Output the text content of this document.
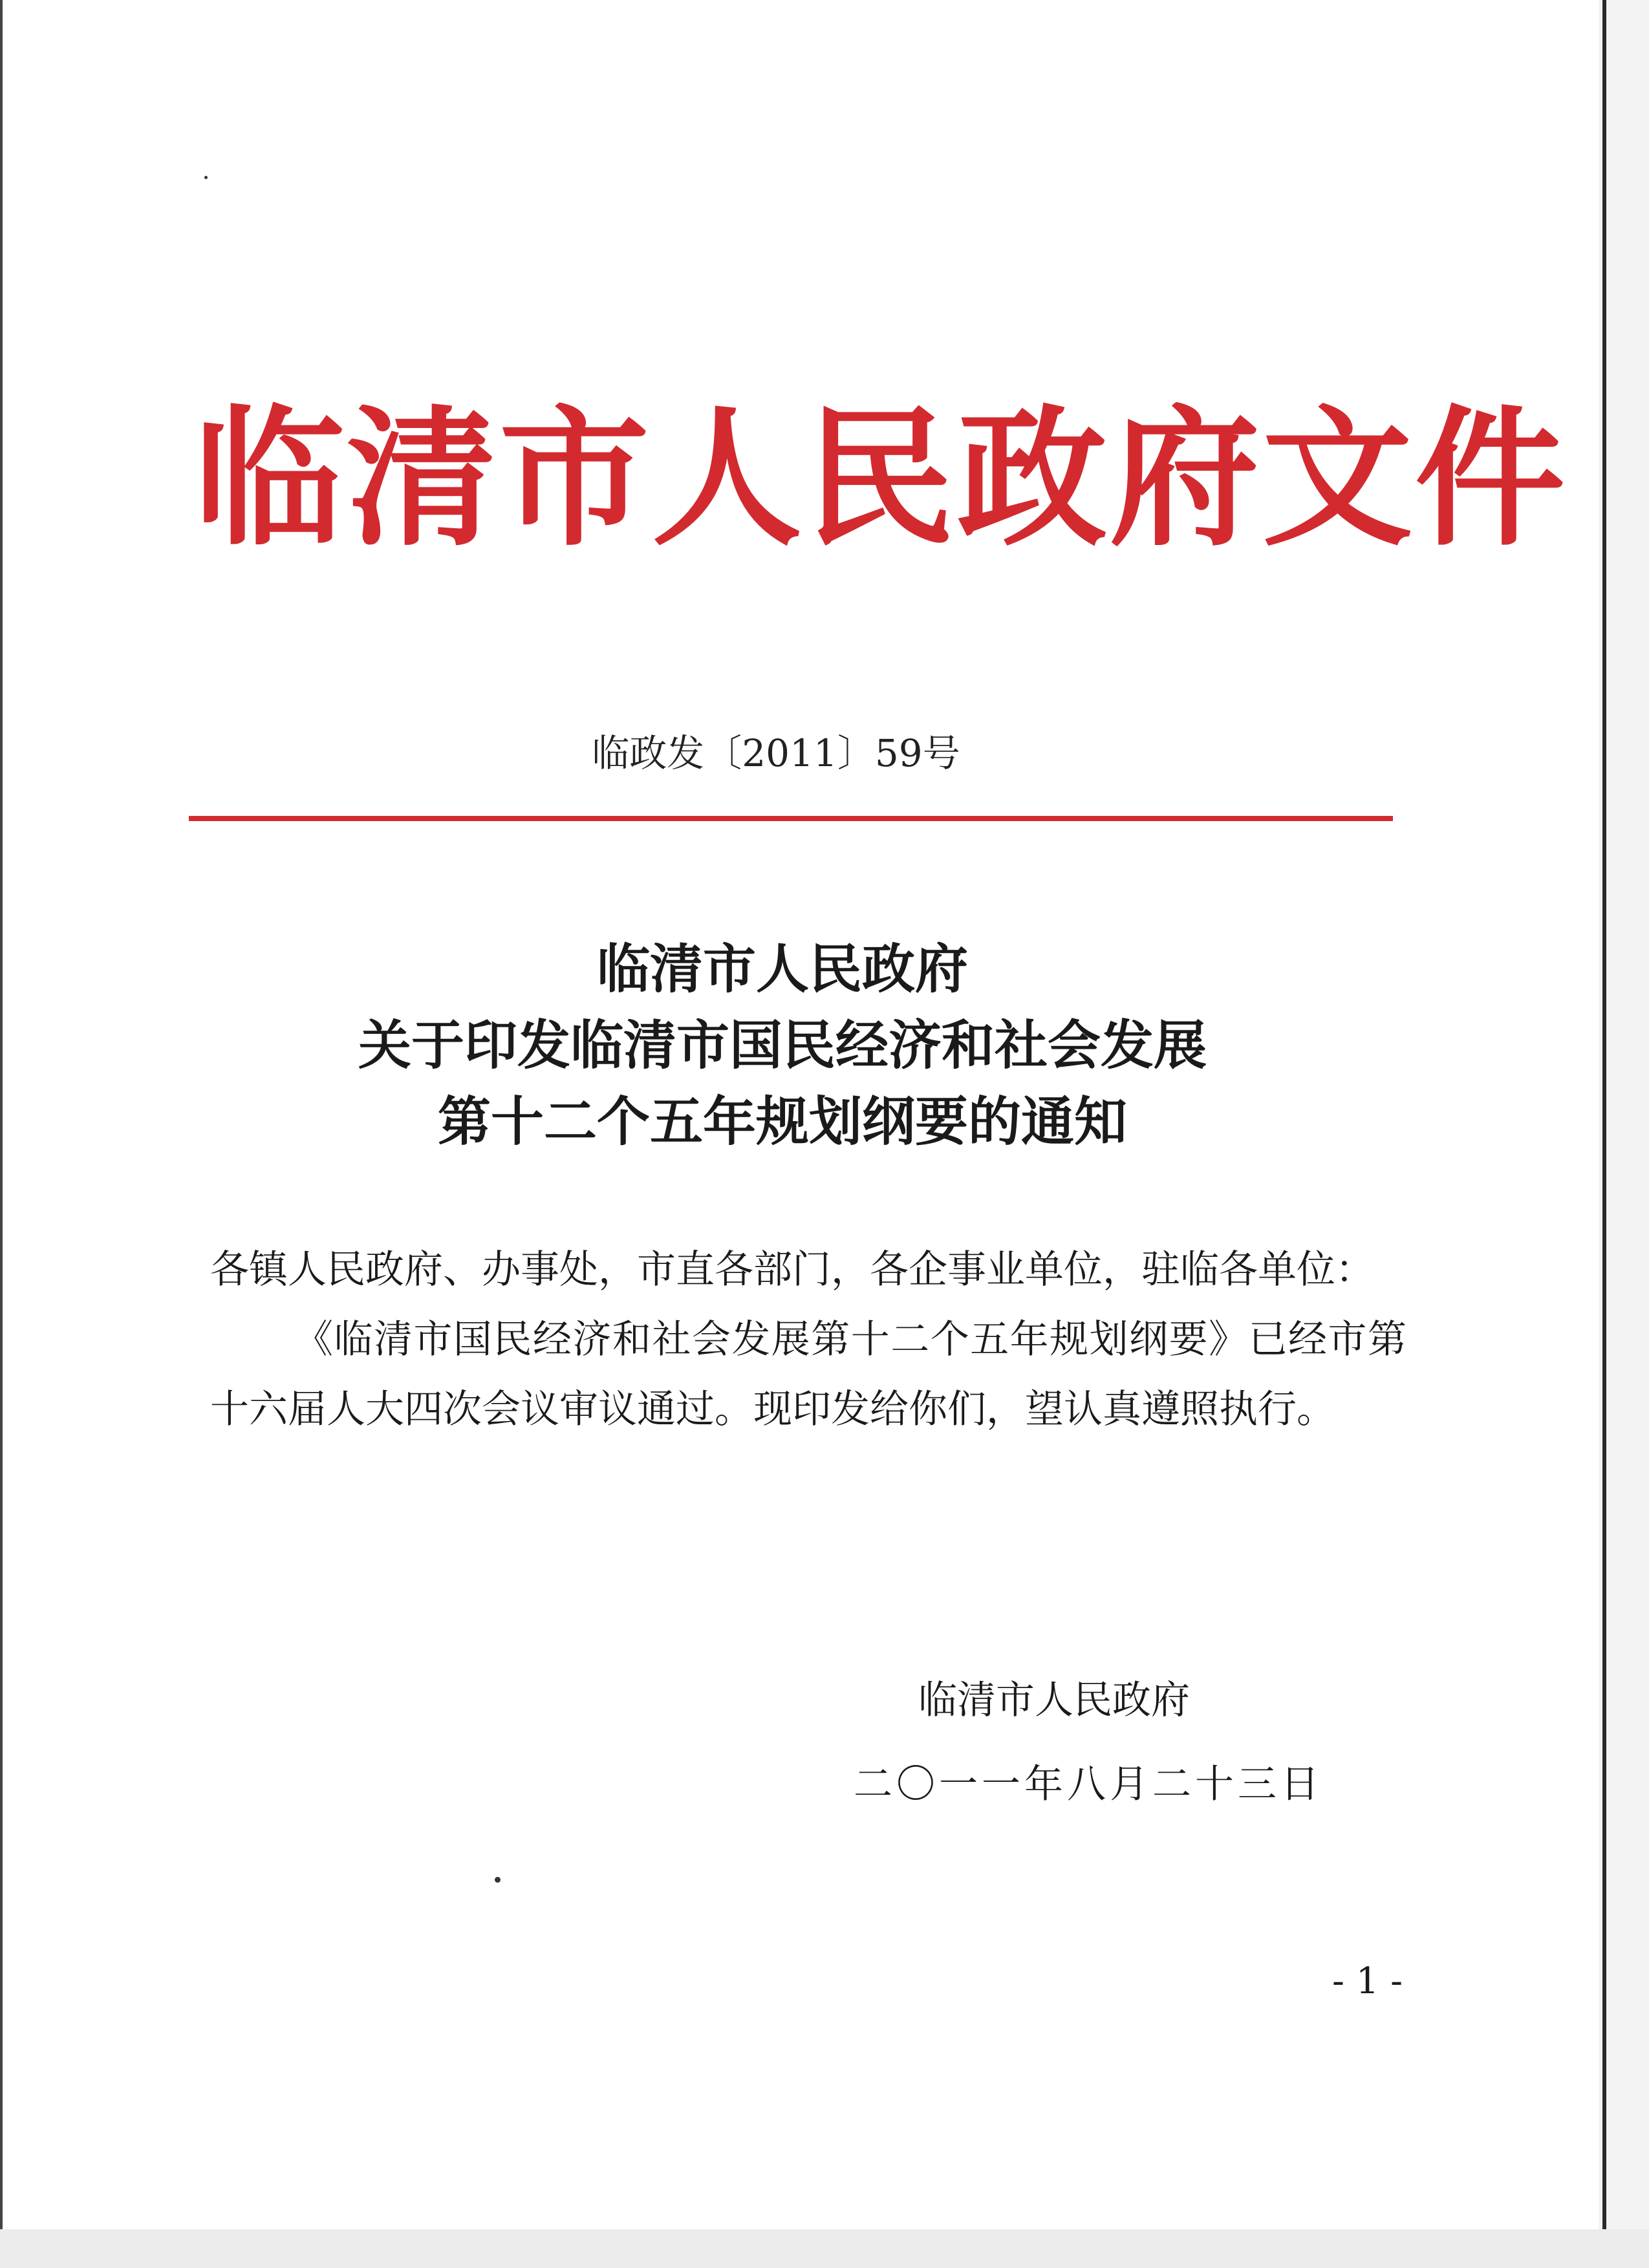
临清市人民政府文件
临政发〔2011〕59号
临清市人民政府
关于印发临清市国民经济和社会发展
第十二个五年规划纲要的通知
各镇人民政府、办事处，市直各部门，各企事业单位，驻临各单位：
《临清市国民经济和社会发展第十二个五年规划纲要》已经市第十六届人大四次会议审议通过。现印发给你们，望认真遵照执行。
临清市人民政府
二〇一一年八月二十三日
- 1 -
